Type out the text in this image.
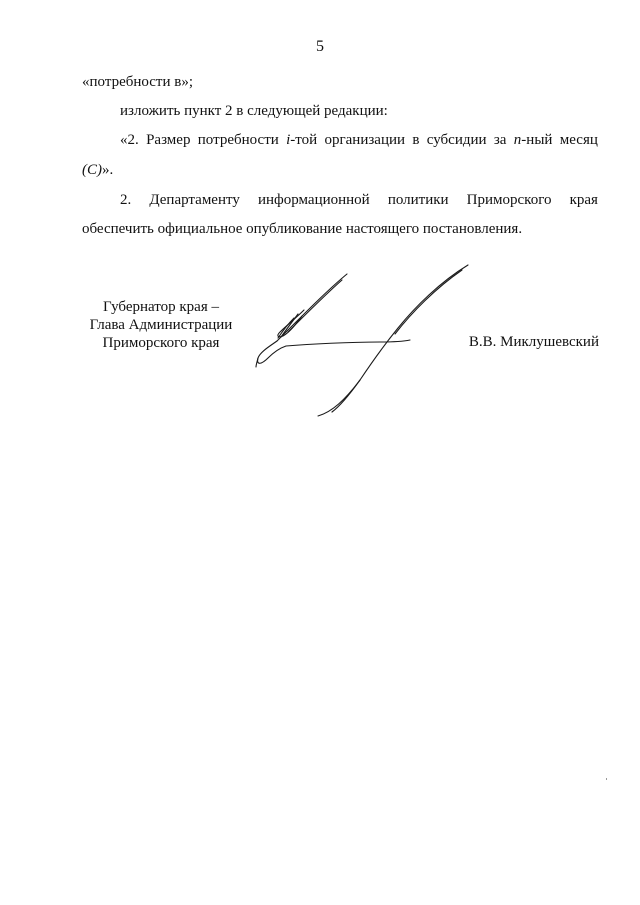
5
«потребности в»;
изложить пункт 2 в следующей редакции:
«2. Размер потребности i-той организации в субсидии за n-ный месяц
(C)».
2. Департаменту информационной политики Приморского края
обеспечить официальное опубликование настоящего постановления.
Губернатор края –
Глава Администрации
Приморского края	В.В. Миклушевский
